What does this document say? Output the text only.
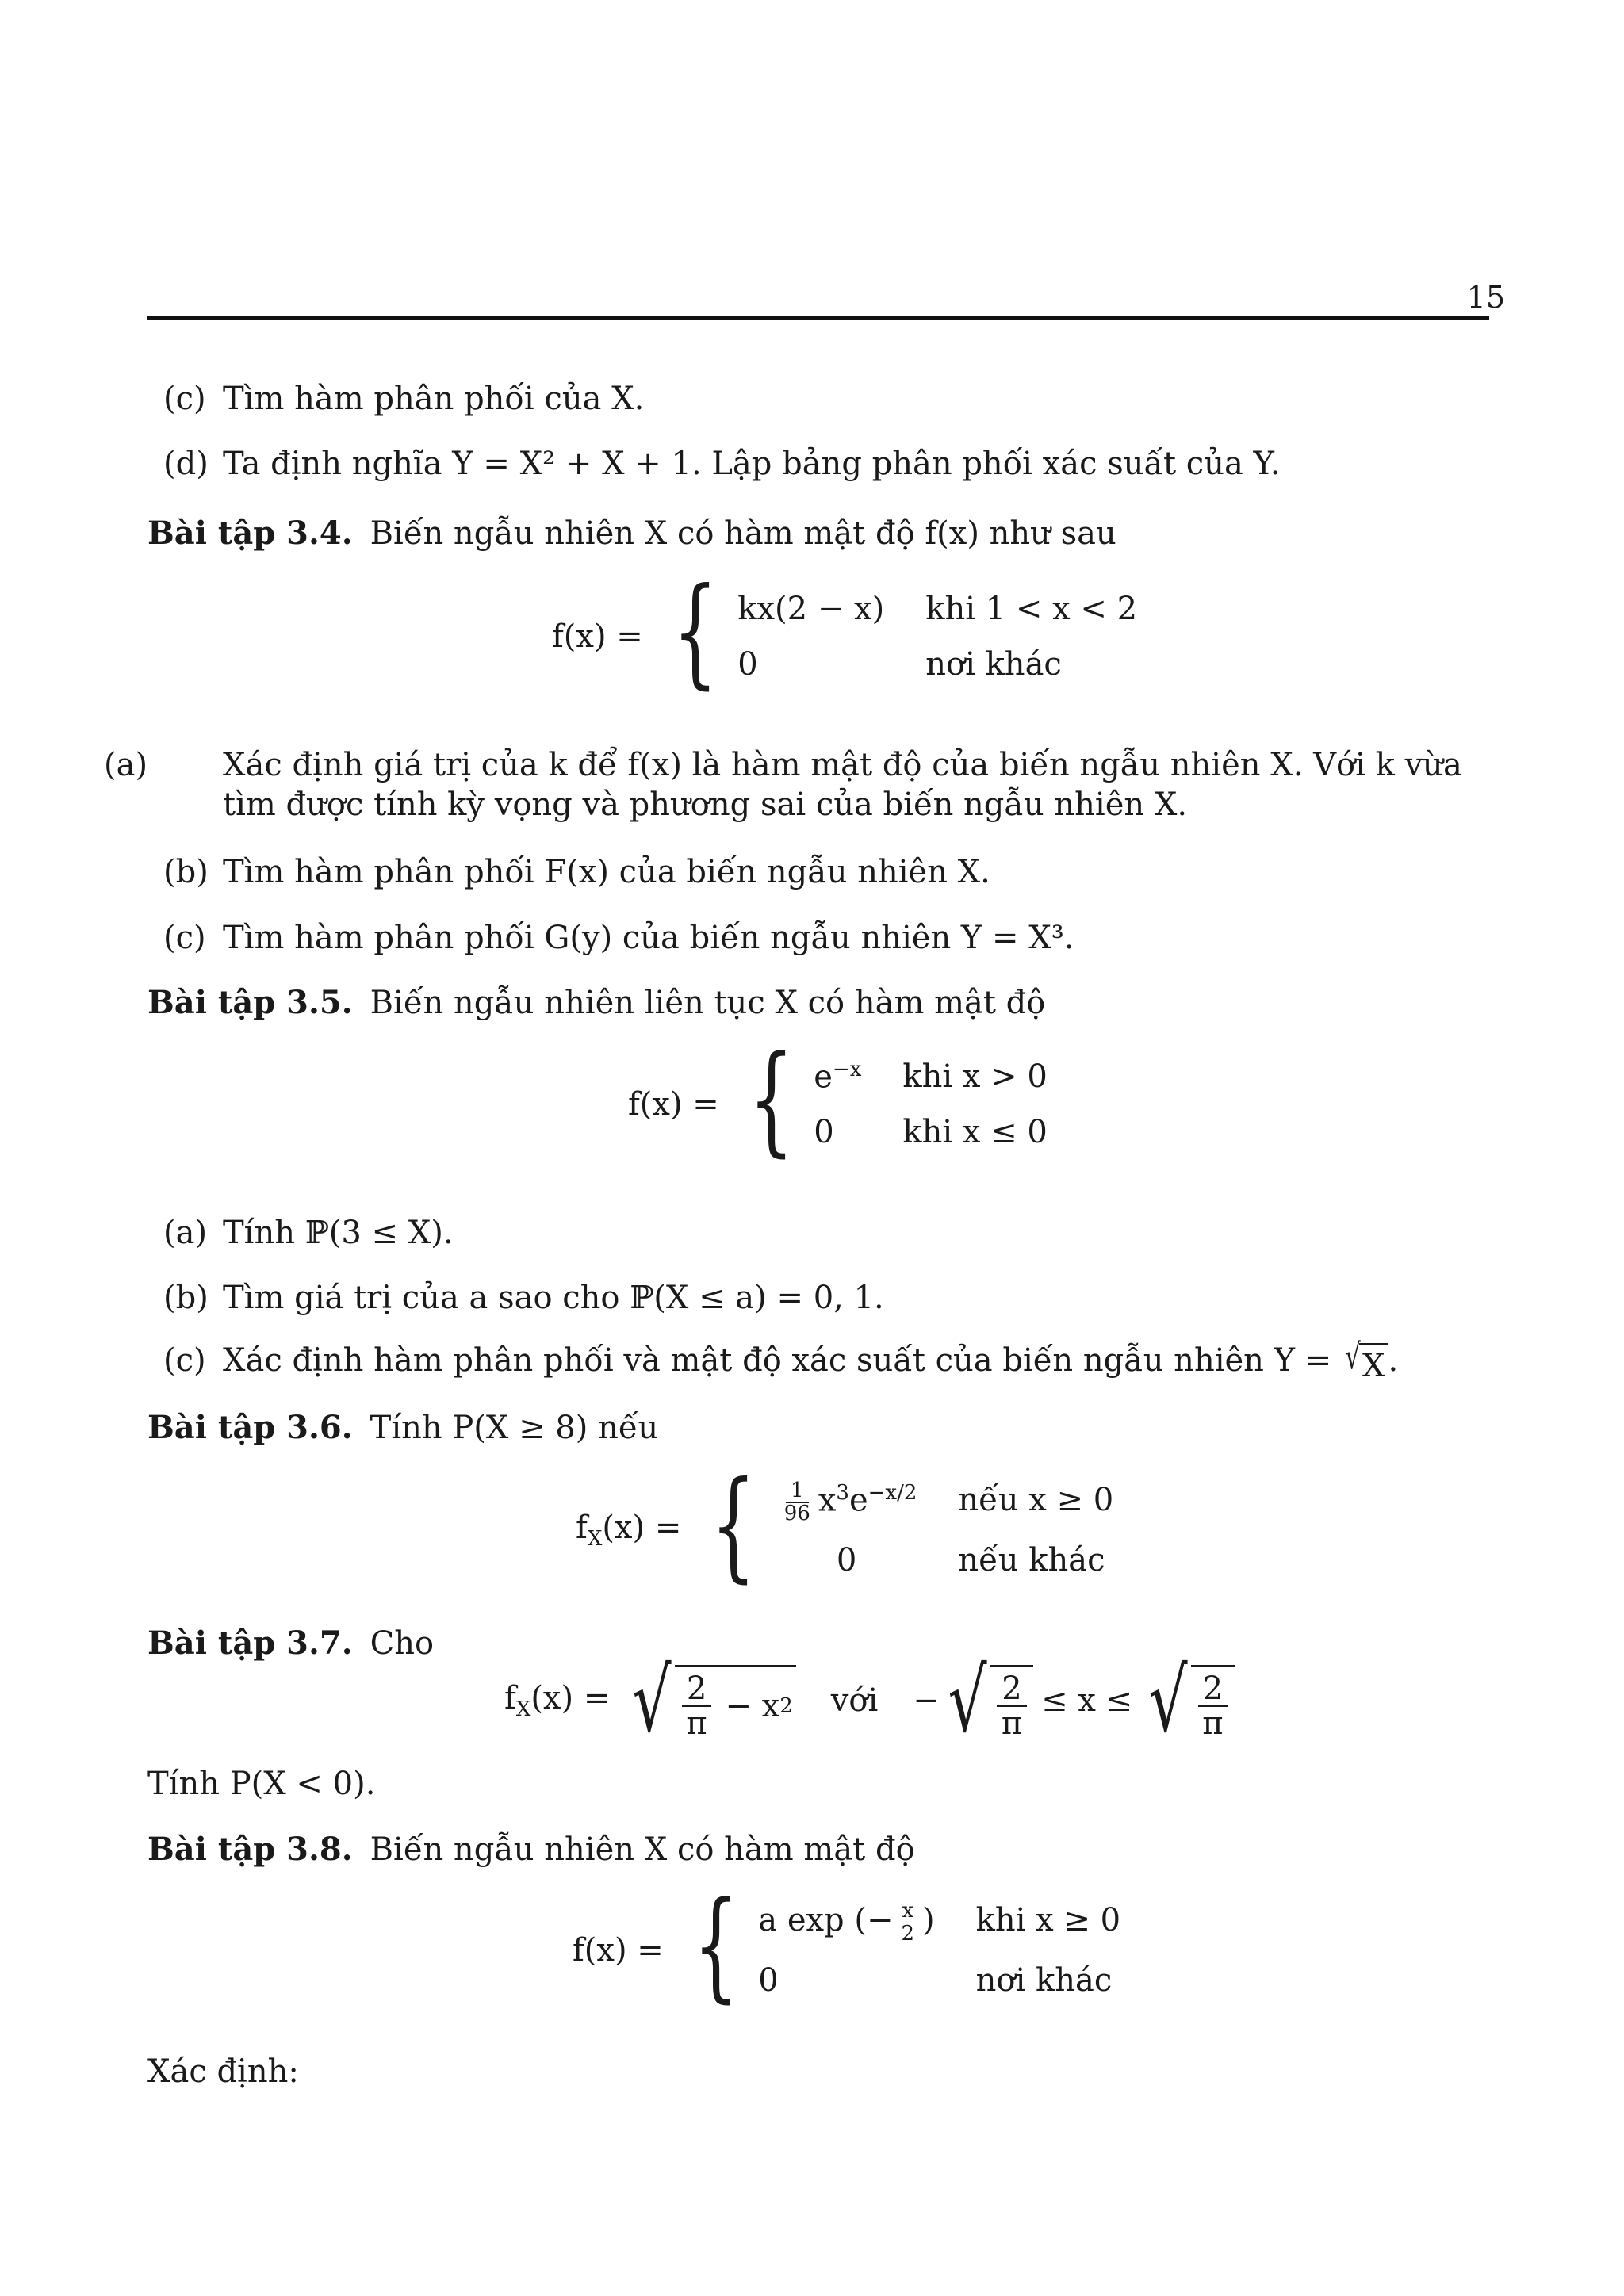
15
(c) Tìm hàm phân phối của X.
(d) Ta định nghĩa Y = X² + X + 1. Lập bảng phân phối xác suất của Y.
Bài tập 3.4. Biến ngẫu nhiên X có hàm mật độ f(x) như sau
f(x) = { kx(2 − x) khi 1 < x < 2
0	nơi khác
(a) Xác định giá trị của k để f(x) là hàm mật độ của biến ngẫu nhiên X. Với k vừa tìm được tính kỳ vọng và phương sai của biến ngẫu nhiên X.
(b) Tìm hàm phân phối F(x) của biến ngẫu nhiên X.
(c) Tìm hàm phân phối G(y) của biến ngẫu nhiên Y = X³.
Bài tập 3.5. Biến ngẫu nhiên liên tục X có hàm mật độ
f(x) = { $e^{-x}$ khi x > 0
0	khi x ≤ 0
(a) Tính ℙ(3 ≤ X).
(b) Tìm giá trị của a sao cho ℙ(X ≤ a) = 0, 1.
(c) Xác định hàm phân phối và mật độ xác suất của biến ngẫu nhiên Y = √ X .
Bài tập 3.6. Tính P(X ≥ 8) nếu
$f_X(x)$ = { $\frac{1}{96} x^3e^{-x/2}$ nếu x ≥ 0
0	nếu khác
Bài tập 3.7. Cho
$f_X(x)$ = √ $\frac{2}{\pi}$
− x 2 với − √ $\frac{2}{\pi} \le x$ ≤ √ $\frac{2}{\pi}$
Tính P(X < 0).
Bài tập 3.8. Biến ngẫu nhiên X có hàm mật độ
f(x) = { a exp (− $\frac{x}{2}$ ) khi x ≥ 0
0	nơi khác
Xác định:
